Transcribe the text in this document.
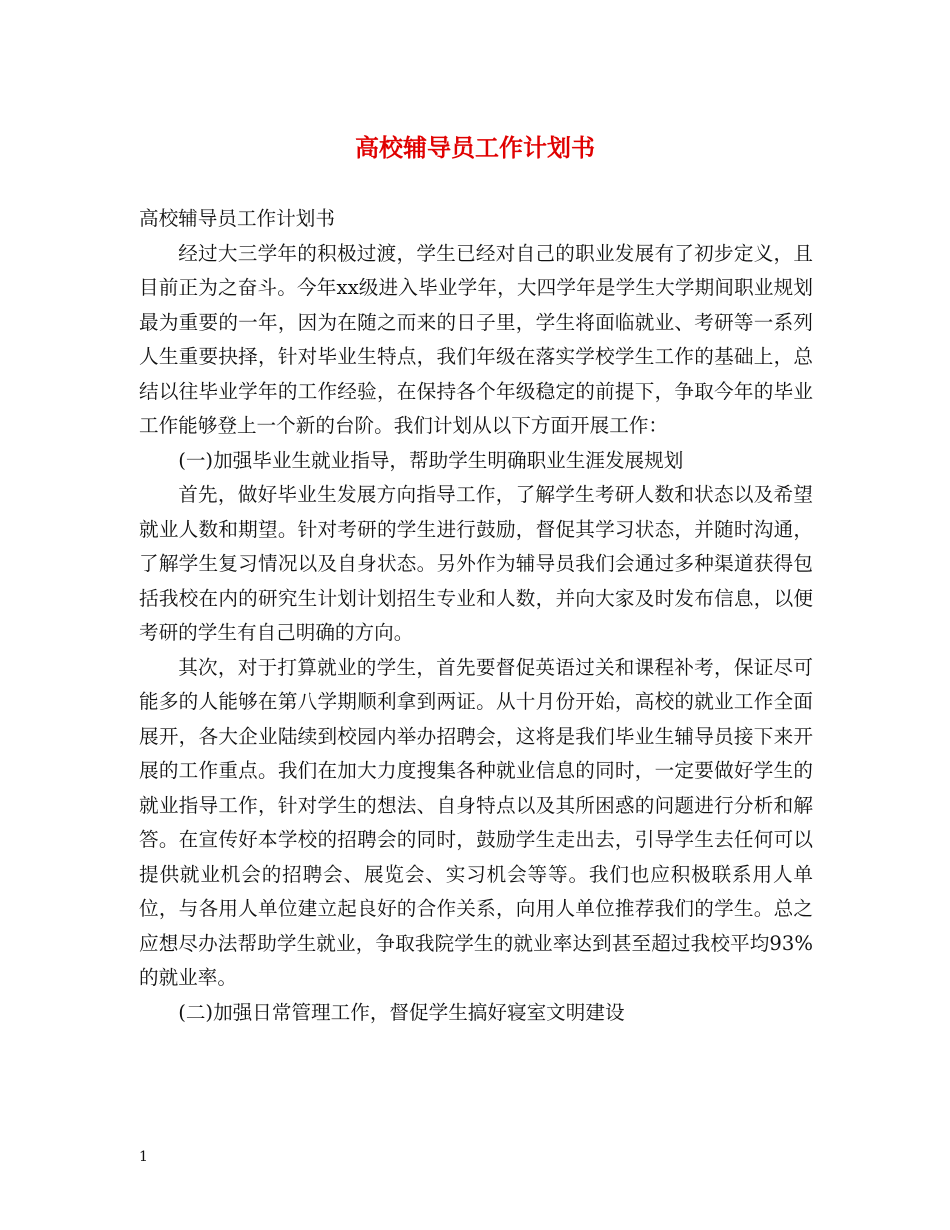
高校辅导员工作计划书

高校辅导员工作计划书

经过大三学年的积极过渡，学生已经对自己的职业发展有了初步定义，且目前正为之奋斗。今年xx级进入毕业学年，大四学年是学生大学期间职业规划最为重要的一年，因为在随之而来的日子里，学生将面临就业、考研等一系列人生重要抉择，针对毕业生特点，我们年级在落实学校学生工作的基础上，总结以往毕业学年的工作经验，在保持各个年级稳定的前提下，争取今年的毕业工作能够登上一个新的台阶。我们计划从以下方面开展工作：

(一)加强毕业生就业指导，帮助学生明确职业生涯发展规划

首先，做好毕业生发展方向指导工作，了解学生考研人数和状态以及希望就业人数和期望。针对考研的学生进行鼓励，督促其学习状态，并随时沟通，了解学生复习情况以及自身状态。另外作为辅导员我们会通过多种渠道获得包括我校在内的研究生计划计划招生专业和人数，并向大家及时发布信息，以便考研的学生有自己明确的方向。

其次，对于打算就业的学生，首先要督促英语过关和课程补考，保证尽可能多的人能够在第八学期顺利拿到两证。从十月份开始，高校的就业工作全面展开，各大企业陆续到校园内举办招聘会，这将是我们毕业生辅导员接下来开展的工作重点。我们在加大力度搜集各种就业信息的同时，一定要做好学生的就业指导工作，针对学生的想法、自身特点以及其所困惑的问题进行分析和解答。在宣传好本学校的招聘会的同时，鼓励学生走出去，引导学生去任何可以提供就业机会的招聘会、展览会、实习机会等等。我们也应积极联系用人单位，与各用人单位建立起良好的合作关系，向用人单位推荐我们的学生。总之应想尽办法帮助学生就业，争取我院学生的就业率达到甚至超过我校平均93%的就业率。

(二)加强日常管理工作，督促学生搞好寝室文明建设

1
